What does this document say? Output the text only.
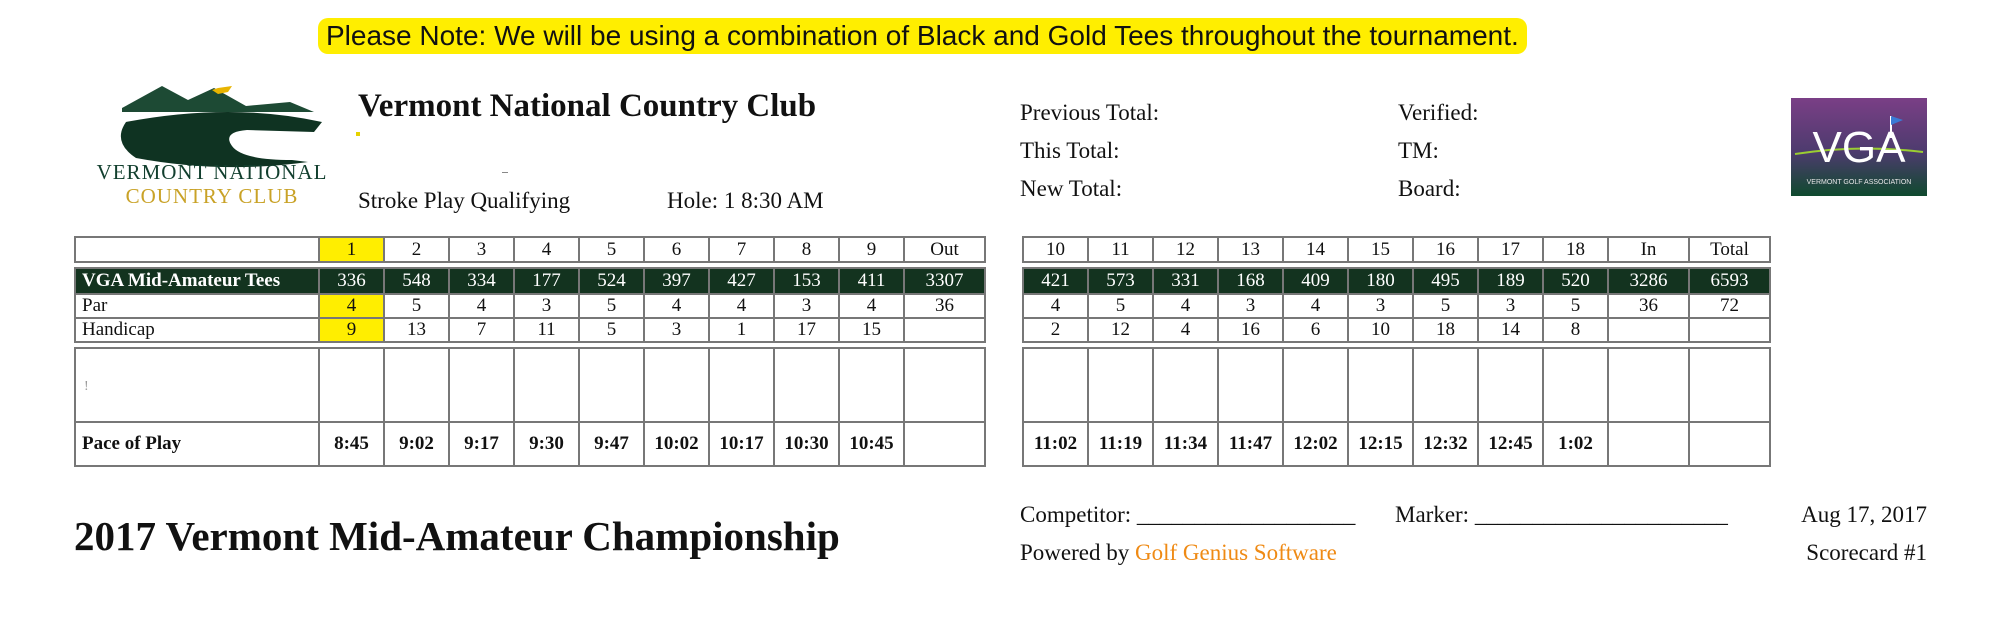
Please Note: We will be using a combination of Black and Gold Tees throughout the tournament.
VERMONT NATIONAL
COUNTRY CLUB
Vermont National Country Club
Stroke Play Qualifying	Hole: 1 8:30 AM
Previous Total:
This Total:
New Total:
Verified:
TM:
Board:
VGA
VERMONT GOLF ASSOCIATION
	1	2	3	4	5	6	7	8	9	Out

VGA Mid-Amateur Tees	336	548	334	177	524	397	427	153	411	3307
Par	4	5	4	3	5	4	4	3	4	36
Handicap	9	13	7	11	5	3	1	17	15	

!										
Pace of Play	8:45	9:02	9:17	9:30	9:47	10:02	10:17	10:30	10:45	
10	11	12	13	14	15	16	17	18	In	Total

421	573	331	168	409	180	495	189	520	3286	6593
4	5	4	3	4	3	5	3	5	36	72
2	12	4	16	6	10	18	14	8		

11:02	11:19	11:34	11:47	12:02	12:15	12:32	12:45	1:02		
2017 Vermont Mid-Amateur Championship	Competitor: ___________________ Marker: ______________________
Powered by Golf Genius Software
Aug 17, 2017
Scorecard #1
